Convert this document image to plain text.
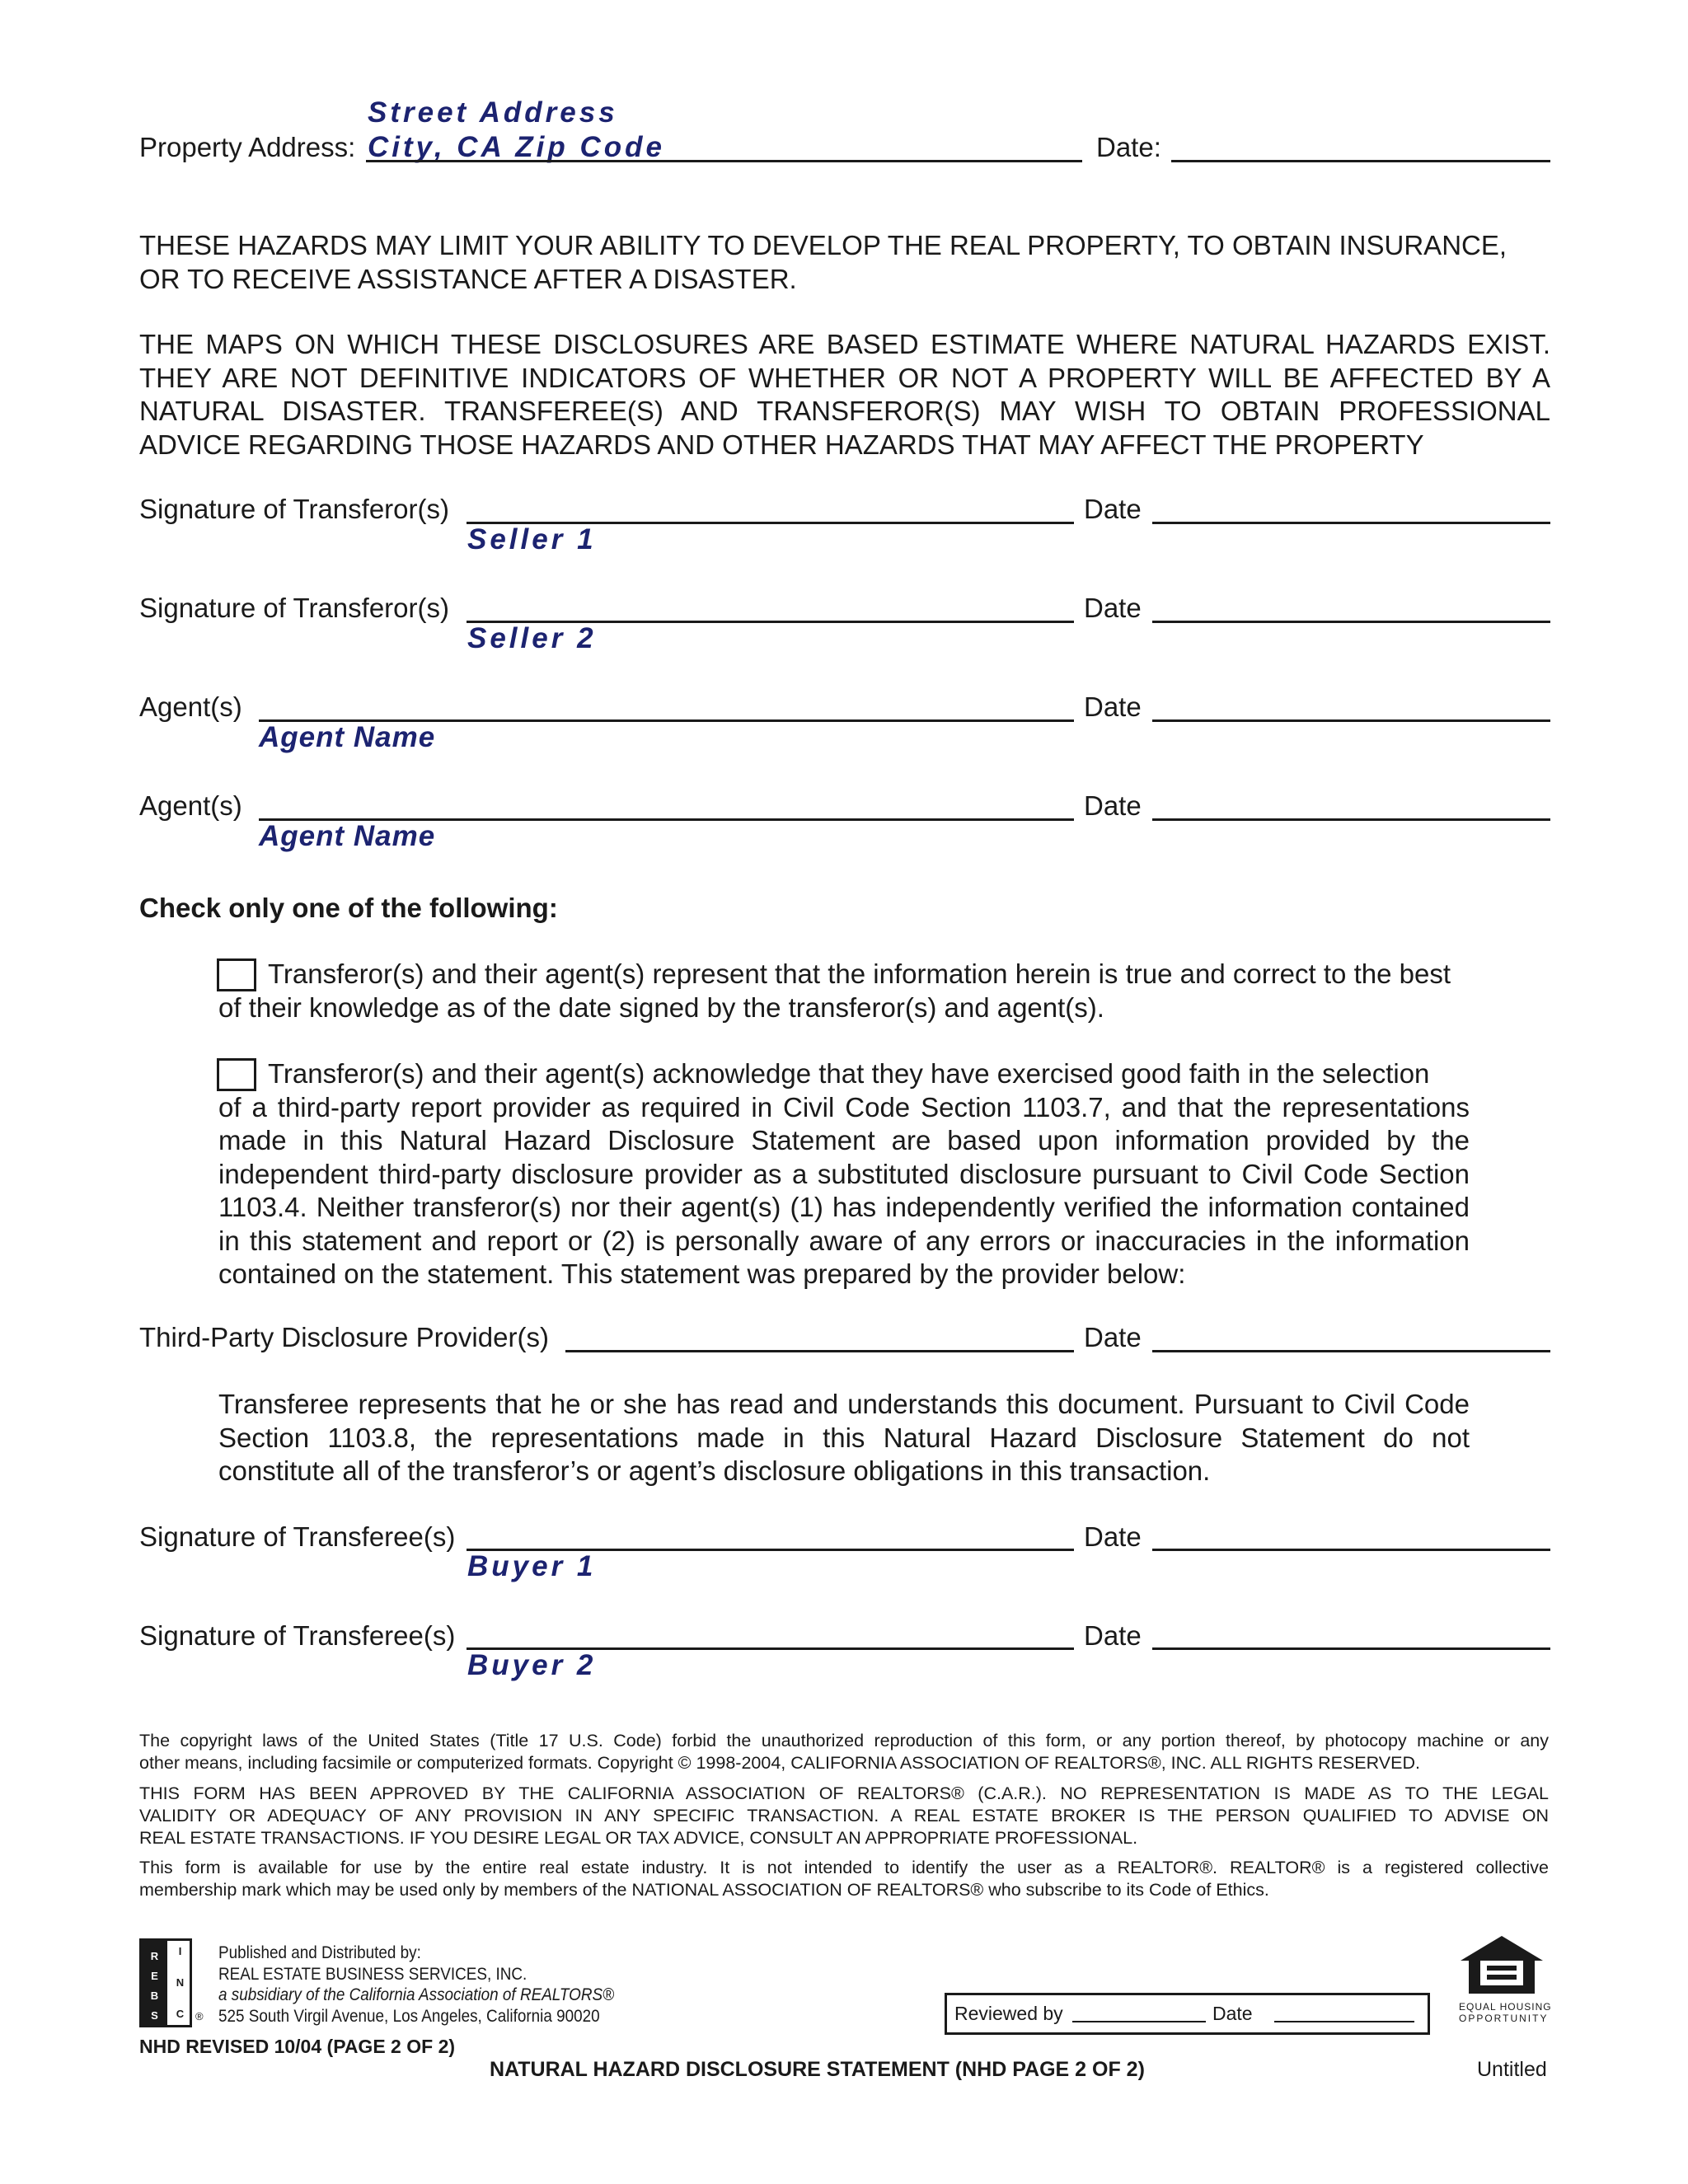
Street Address
Property Address: City, CA Zip Code	Date:
THESE HAZARDS MAY LIMIT YOUR ABILITY TO DEVELOP THE REAL PROPERTY, TO OBTAIN INSURANCE,
OR TO RECEIVE ASSISTANCE AFTER A DISASTER.
THE MAPS ON WHICH THESE DISCLOSURES ARE BASED ESTIMATE WHERE NATURAL HAZARDS EXIST.
THEY ARE NOT DEFINITIVE INDICATORS OF WHETHER OR NOT A PROPERTY WILL BE AFFECTED BY A
NATURAL DISASTER. TRANSFEREE(S) AND TRANSFEROR(S) MAY WISH TO OBTAIN PROFESSIONAL
ADVICE REGARDING THOSE HAZARDS AND OTHER HAZARDS THAT MAY AFFECT THE PROPERTY
Signature of Transferor(s)	Date
Seller 1
Signature of Transferor(s)	Date
Seller 2
Agent(s)	Date
Agent Name
Agent(s)	Date
Agent Name
Check only one of the following:
Transferor(s) and their agent(s) represent that the information herein is true and correct to the best
of their knowledge as of the date signed by the transferor(s) and agent(s).
Transferor(s) and their agent(s) acknowledge that they have exercised good faith in the selection
of a third-party report provider as required in Civil Code Section 1103.7, and that the representations
made in this Natural Hazard Disclosure Statement are based upon information provided by the
independent third-party disclosure provider as a substituted disclosure pursuant to Civil Code Section
1103.4. Neither transferor(s) nor their agent(s) (1) has independently verified the information contained
in this statement and report or (2) is personally aware of any errors or inaccuracies in the information
contained on the statement. This statement was prepared by the provider below:
Third-Party Disclosure Provider(s)	Date
Transferee represents that he or she has read and understands this document. Pursuant to Civil Code
Section 1103.8, the representations made in this Natural Hazard Disclosure Statement do not
constitute all of the transferor’s or agent’s disclosure obligations in this transaction.
Signature of Transferee(s)	Date
Buyer 1
Signature of Transferee(s)	Date
Buyer 2
The copyright laws of the United States (Title 17 U.S. Code) forbid the unauthorized reproduction of this form, or any portion thereof, by photocopy machine or any
other means, including facsimile or computerized formats. Copyright © 1998-2004, CALIFORNIA ASSOCIATION OF REALTORS®, INC. ALL RIGHTS RESERVED.
THIS FORM HAS BEEN APPROVED BY THE CALIFORNIA ASSOCIATION OF REALTORS® (C.A.R.). NO REPRESENTATION IS MADE AS TO THE LEGAL
VALIDITY OR ADEQUACY OF ANY PROVISION IN ANY SPECIFIC TRANSACTION. A REAL ESTATE BROKER IS THE PERSON QUALIFIED TO ADVISE ON
REAL ESTATE TRANSACTIONS. IF YOU DESIRE LEGAL OR TAX ADVICE, CONSULT AN APPROPRIATE PROFESSIONAL.
This form is available for use by the entire real estate industry. It is not intended to identify the user as a REALTOR®. REALTOR® is a registered collective
membership mark which may be used only by members of the NATIONAL ASSOCIATION OF REALTORS® who subscribe to its Code of Ethics.
R
E
B
S
I
N
C	®
Published and Distributed by:
REAL ESTATE BUSINESS SERVICES, INC.
a subsidiary of the California Association of REALTORS®
525 South Virgil Avenue, Los Angeles, California 90020	Reviewed by	Date	EQUAL HOUSING
OPPORTUNITY
NHD REVISED 10/04 (PAGE 2 OF 2)
NATURAL HAZARD DISCLOSURE STATEMENT (NHD PAGE 2 OF 2)	Untitled
